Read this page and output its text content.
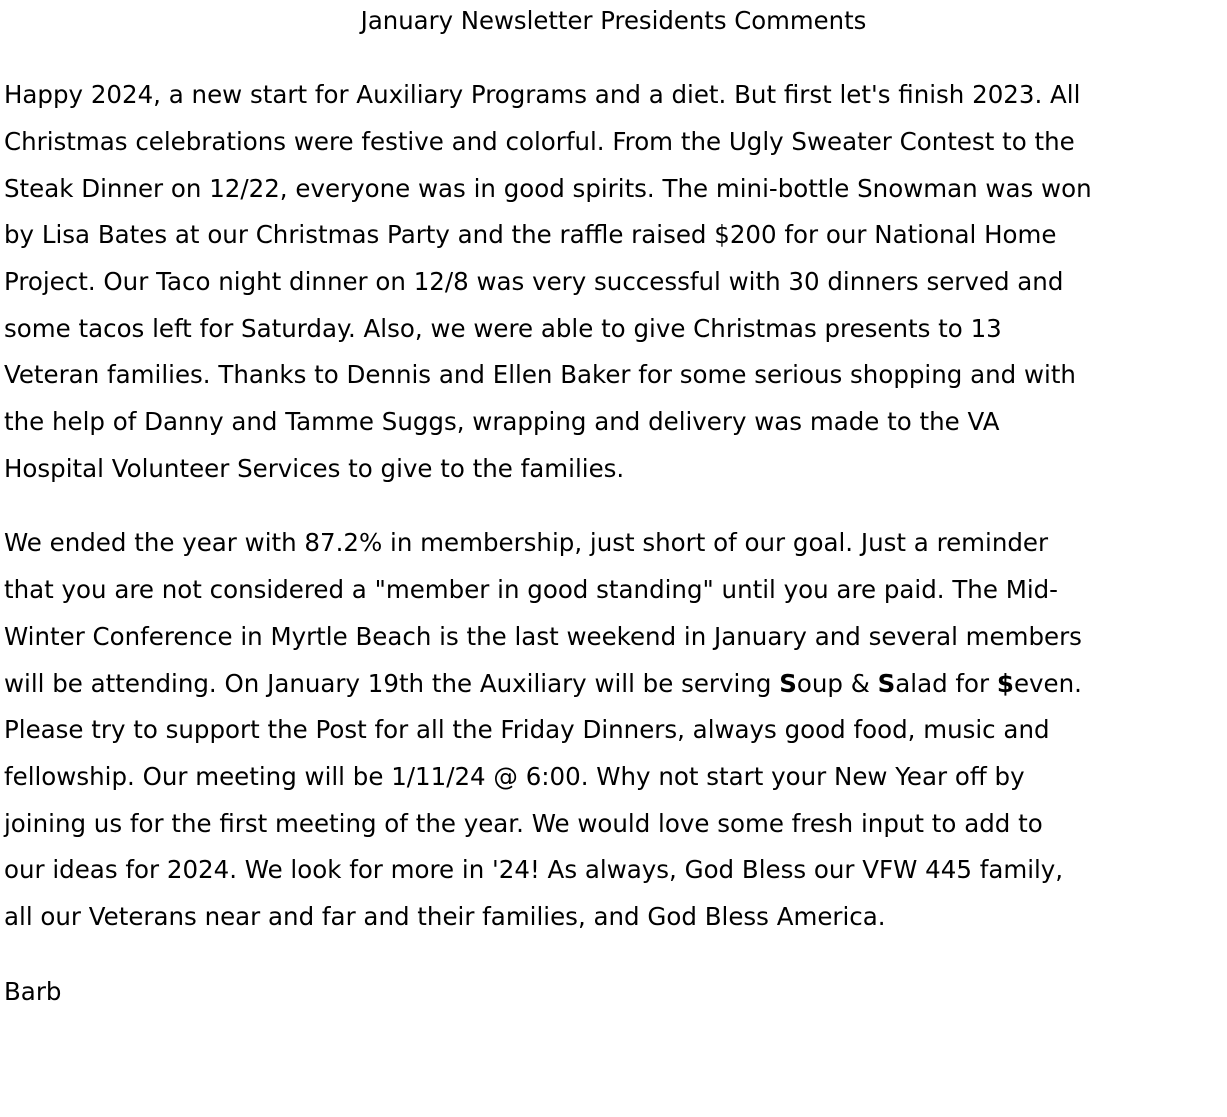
January Newsletter Presidents Comments
Happy 2024, a new start for Auxiliary Programs and a diet. But first let's finish 2023. All
Christmas celebrations were festive and colorful. From the Ugly Sweater Contest to the
Steak Dinner on 12/22, everyone was in good spirits. The mini-bottle Snowman was won
by Lisa Bates at our Christmas Party and the raffle raised $200 for our National Home
Project. Our Taco night dinner on 12/8 was very successful with 30 dinners served and
some tacos left for Saturday. Also, we were able to give Christmas presents to 13
Veteran families. Thanks to Dennis and Ellen Baker for some serious shopping and with
the help of Danny and Tamme Suggs, wrapping and delivery was made to the VA
Hospital Volunteer Services to give to the families.
We ended the year with 87.2% in membership, just short of our goal. Just a reminder
that you are not considered a "member in good standing" until you are paid. The Mid-
Winter Conference in Myrtle Beach is the last weekend in January and several members
will be attending. On January 19th the Auxiliary will be serving Soup & Salad for $even.
Please try to support the Post for all the Friday Dinners, always good food, music and
fellowship. Our meeting will be 1/11/24 @ 6:00. Why not start your New Year off by
joining us for the first meeting of the year. We would love some fresh input to add to
our ideas for 2024. We look for more in '24! As always, God Bless our VFW 445 family,
all our Veterans near and far and their families, and God Bless America.
Barb
